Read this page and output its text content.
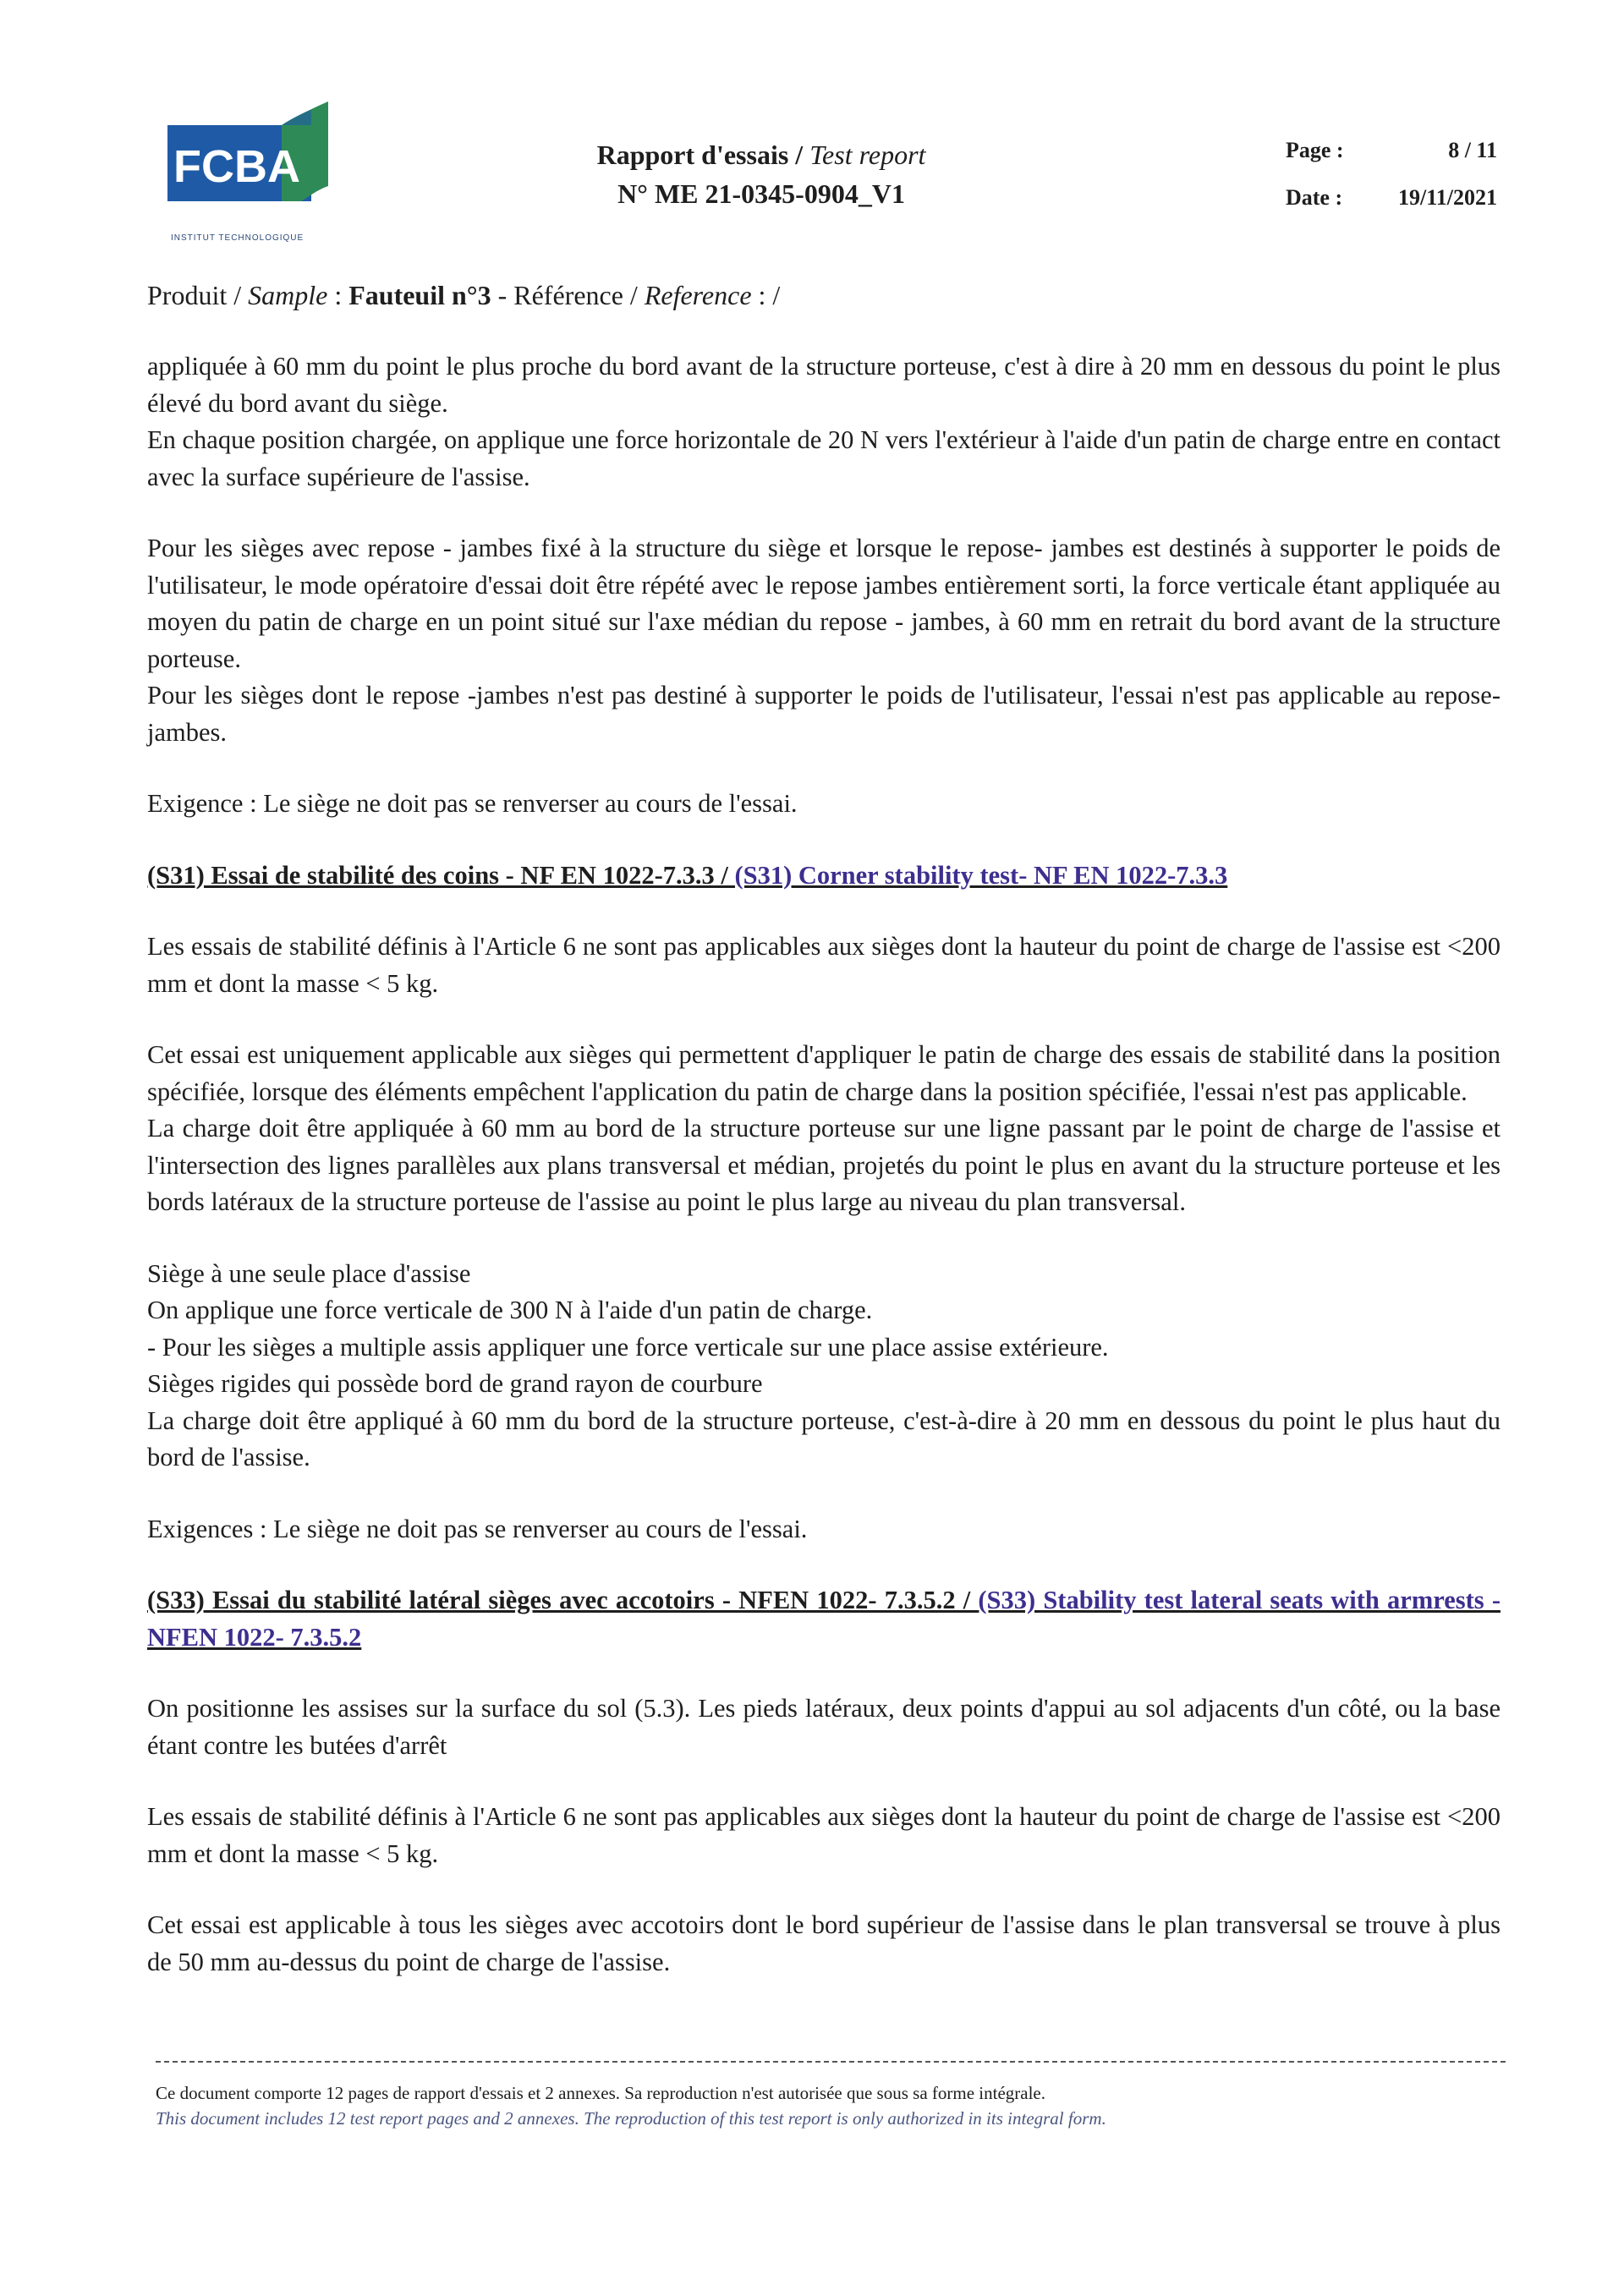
FCBA
INSTITUT TECHNOLOGIQUE
Rapport d'essais / Test report
N° ME 21-0345-0904_V1
Page :
Date :
8 / 11
19/11/2021

Produit / Sample : Fauteuil n°3 - Référence / Reference : /

appliquée à 60 mm du point le plus proche du bord avant de la structure porteuse, c'est à dire à 20 mm en dessous du point le plus élevé du bord avant du siège.

En chaque position chargée, on applique une force horizontale de 20 N vers l'extérieur à l'aide d'un patin de charge entre en contact avec la surface supérieure de l'assise.

Pour les sièges avec repose - jambes fixé à la structure du siège et lorsque le repose- jambes est destinés à supporter le poids de l'utilisateur, le mode opératoire d'essai doit être répété avec le repose jambes entièrement sorti, la force verticale étant appliquée au moyen du patin de charge en un point situé sur l'axe médian du repose - jambes, à 60 mm en retrait du bord avant de la structure porteuse.

Pour les sièges dont le repose -jambes n'est pas destiné à supporter le poids de l'utilisateur, l'essai n'est pas applicable au repose- jambes.

Exigence : Le siège ne doit pas se renverser au cours de l'essai.

(S31) Essai de stabilité des coins - NF EN 1022-7.3.3 / (S31) Corner stability test- NF EN 1022-7.3.3

Les essais de stabilité définis à l'Article 6 ne sont pas applicables aux sièges dont la hauteur du point de charge de l'assise est <200 mm et dont la masse < 5 kg.

Cet essai est uniquement applicable aux sièges qui permettent d'appliquer le patin de charge des essais de stabilité dans la position spécifiée, lorsque des éléments empêchent l'application du patin de charge dans la position spécifiée, l'essai n'est pas applicable.

La charge doit être appliquée à 60 mm au bord de la structure porteuse sur une ligne passant par le point de charge de l'assise et l'intersection des lignes parallèles aux plans transversal et médian, projetés du point le plus en avant du la structure porteuse et les bords latéraux de la structure porteuse de l'assise au point le plus large au niveau du plan transversal.

Siège à une seule place d'assise

On applique une force verticale de 300 N à l'aide d'un patin de charge.

- Pour les sièges a multiple assis appliquer une force verticale sur une place assise extérieure.

Sièges rigides qui possède bord de grand rayon de courbure

La charge doit être appliqué à 60 mm du bord de la structure porteuse, c'est-à-dire à 20 mm en dessous du point le plus haut du bord de l'assise.

Exigences : Le siège ne doit pas se renverser au cours de l'essai.

(S33) Essai du stabilité latéral sièges avec accotoirs - NFEN 1022- 7.3.5.2 / (S33) Stability test lateral seats with armrests - NFEN 1022- 7.3.5.2

On positionne les assises sur la surface du sol (5.3). Les pieds latéraux, deux points d'appui au sol adjacents d'un côté, ou la base étant contre les butées d'arrêt

Les essais de stabilité définis à l'Article 6 ne sont pas applicables aux sièges dont la hauteur du point de charge de l'assise est <200 mm et dont la masse < 5 kg.

Cet essai est applicable à tous les sièges avec accotoirs dont le bord supérieur de l'assise dans le plan transversal se trouve à plus de 50 mm au-dessus du point de charge de l'assise.

Ce document comporte 12 pages de rapport d'essais et 2 annexes. Sa reproduction n'est autorisée que sous sa forme intégrale.
This document includes 12 test report pages and 2 annexes. The reproduction of this test report is only authorized in its integral form.
